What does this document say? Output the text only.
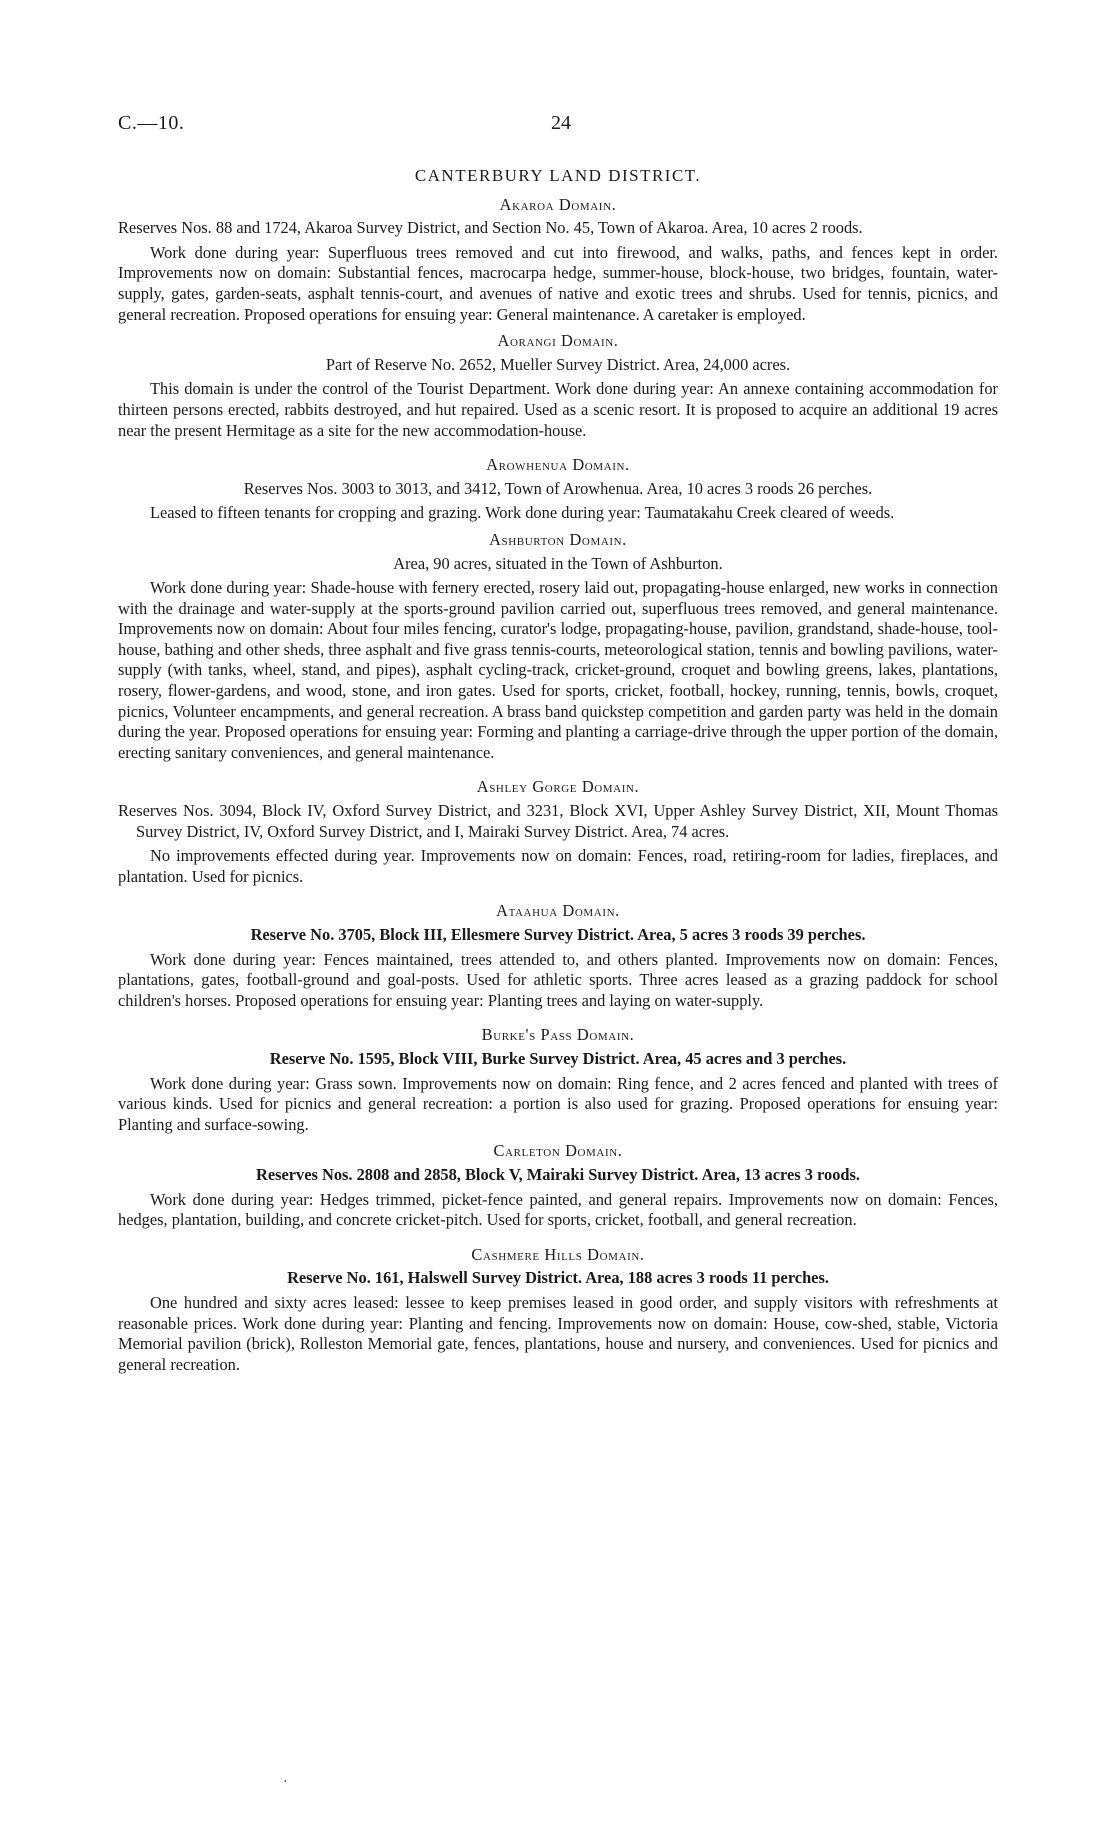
C.—10.	24
CANTERBURY LAND DISTRICT.
Akaroa Domain.

Reserves Nos. 88 and 1724, Akaroa Survey District, and Section No. 45, Town of Akaroa. Area, 10 acres 2 roods.

Work done during year: Superfluous trees removed and cut into firewood, and walks, paths, and fences kept in order. Improvements now on domain: Substantial fences, macrocarpa hedge, summer-house, block-house, two bridges, fountain, water-supply, gates, garden-seats, asphalt tennis-court, and avenues of native and exotic trees and shrubs. Used for tennis, picnics, and general recreation. Proposed operations for ensuing year: General maintenance. A caretaker is employed.

Aorangi Domain.

Part of Reserve No. 2652, Mueller Survey District. Area, 24,000 acres.

This domain is under the control of the Tourist Department. Work done during year: An annexe containing accommodation for thirteen persons erected, rabbits destroyed, and hut repaired. Used as a scenic resort. It is proposed to acquire an additional 19 acres near the present Hermitage as a site for the new accommodation-house.

Arowhenua Domain.

Reserves Nos. 3003 to 3013, and 3412, Town of Arowhenua. Area, 10 acres 3 roods 26 perches.

Leased to fifteen tenants for cropping and grazing. Work done during year: Taumatakahu Creek cleared of weeds.

Ashburton Domain.

Area, 90 acres, situated in the Town of Ashburton.

Work done during year: Shade-house with fernery erected, rosery laid out, propagating-house enlarged, new works in connection with the drainage and water-supply at the sports-ground pavilion carried out, superfluous trees removed, and general maintenance. Improvements now on domain: About four miles fencing, curator's lodge, propagating-house, pavilion, grandstand, shade-house, tool-house, bathing and other sheds, three asphalt and five grass tennis-courts, meteorological station, tennis and bowling pavilions, water-supply (with tanks, wheel, stand, and pipes), asphalt cycling-track, cricket-ground, croquet and bowling greens, lakes, plantations, rosery, flower-gardens, and wood, stone, and iron gates. Used for sports, cricket, football, hockey, running, tennis, bowls, croquet, picnics, Volunteer encampments, and general recreation. A brass band quickstep competition and garden party was held in the domain during the year. Proposed operations for ensuing year: Forming and planting a carriage-drive through the upper portion of the domain, erecting sanitary conveniences, and general maintenance.

Ashley Gorge Domain.

Reserves Nos. 3094, Block IV, Oxford Survey District, and 3231, Block XVI, Upper Ashley Survey District, XII, Mount Thomas Survey District, IV, Oxford Survey District, and I, Mairaki Survey District. Area, 74 acres.

No improvements effected during year. Improvements now on domain: Fences, road, retiring-room for ladies, fireplaces, and plantation. Used for picnics.

Ataahua Domain.

Reserve No. 3705, Block III, Ellesmere Survey District. Area, 5 acres 3 roods 39 perches.

Work done during year: Fences maintained, trees attended to, and others planted. Improvements now on domain: Fences, plantations, gates, football-ground and goal-posts. Used for athletic sports. Three acres leased as a grazing paddock for school children's horses. Proposed operations for ensuing year: Planting trees and laying on water-supply.

Burke's Pass Domain.

Reserve No. 1595, Block VIII, Burke Survey District. Area, 45 acres and 3 perches.

Work done during year: Grass sown. Improvements now on domain: Ring fence, and 2 acres fenced and planted with trees of various kinds. Used for picnics and general recreation: a portion is also used for grazing. Proposed operations for ensuing year: Planting and surface-sowing.

Carleton Domain.

Reserves Nos. 2808 and 2858, Block V, Mairaki Survey District. Area, 13 acres 3 roods.

Work done during year: Hedges trimmed, picket-fence painted, and general repairs. Improvements now on domain: Fences, hedges, plantation, building, and concrete cricket-pitch. Used for sports, cricket, football, and general recreation.

Cashmere Hills Domain.

Reserve No. 161, Halswell Survey District. Area, 188 acres 3 roods 11 perches.

One hundred and sixty acres leased: lessee to keep premises leased in good order, and supply visitors with refreshments at reasonable prices. Work done during year: Planting and fencing. Improvements now on domain: House, cow-shed, stable, Victoria Memorial pavilion (brick), Rolleston Memorial gate, fences, plantations, house and nursery, and conveniences. Used for picnics and general recreation.

·
